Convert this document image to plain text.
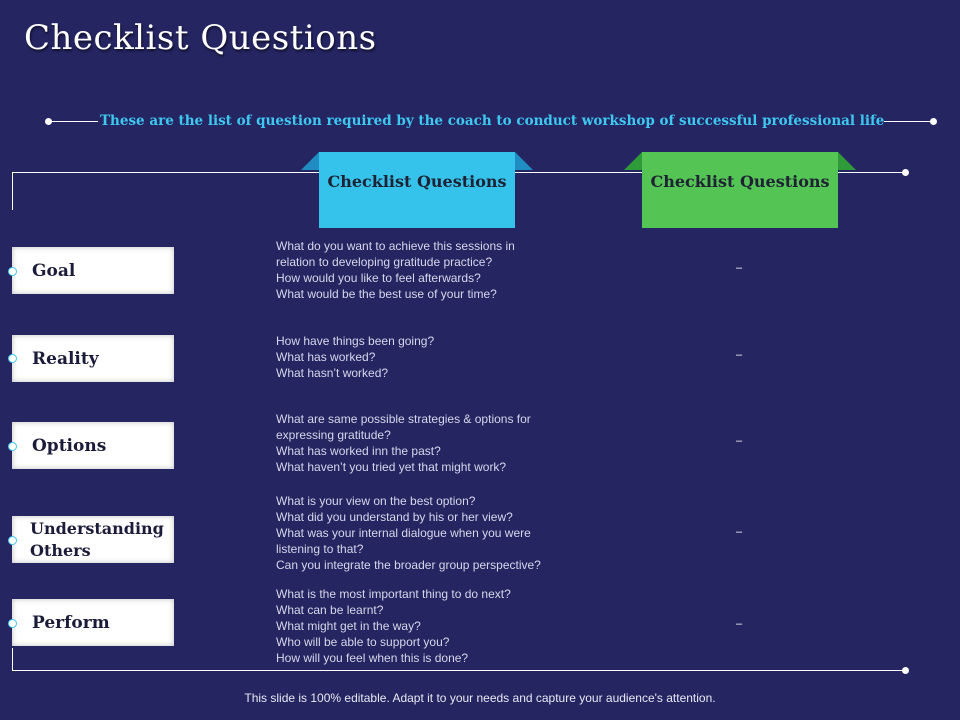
Checklist Questions
These are the list of question required by the coach to conduct workshop of successful professional life
Checklist Questions	Checklist Questions
Goal
What do you want to achieve this sessions in
relation to developing gratitude practice?
How would you like to feel afterwards?
What would be the best use of your time?
–
Reality
How have things been going?
What has worked?
What hasn’t worked?
–
Options
What are same possible strategies & options for
expressing gratitude?
What has worked inn the past?
What haven’t you tried yet that might work?
–
Understanding
Others
What is your view on the best option?
What did you understand by his or her view?
What was your internal dialogue when you were
listening to that?
Can you integrate the broader group perspective?
–
Perform
What is the most important thing to do next?
What can be learnt?
What might get in the way?
Who will be able to support you?
How will you feel when this is done?
–
This slide is 100% editable. Adapt it to your needs and capture your audience's attention.
